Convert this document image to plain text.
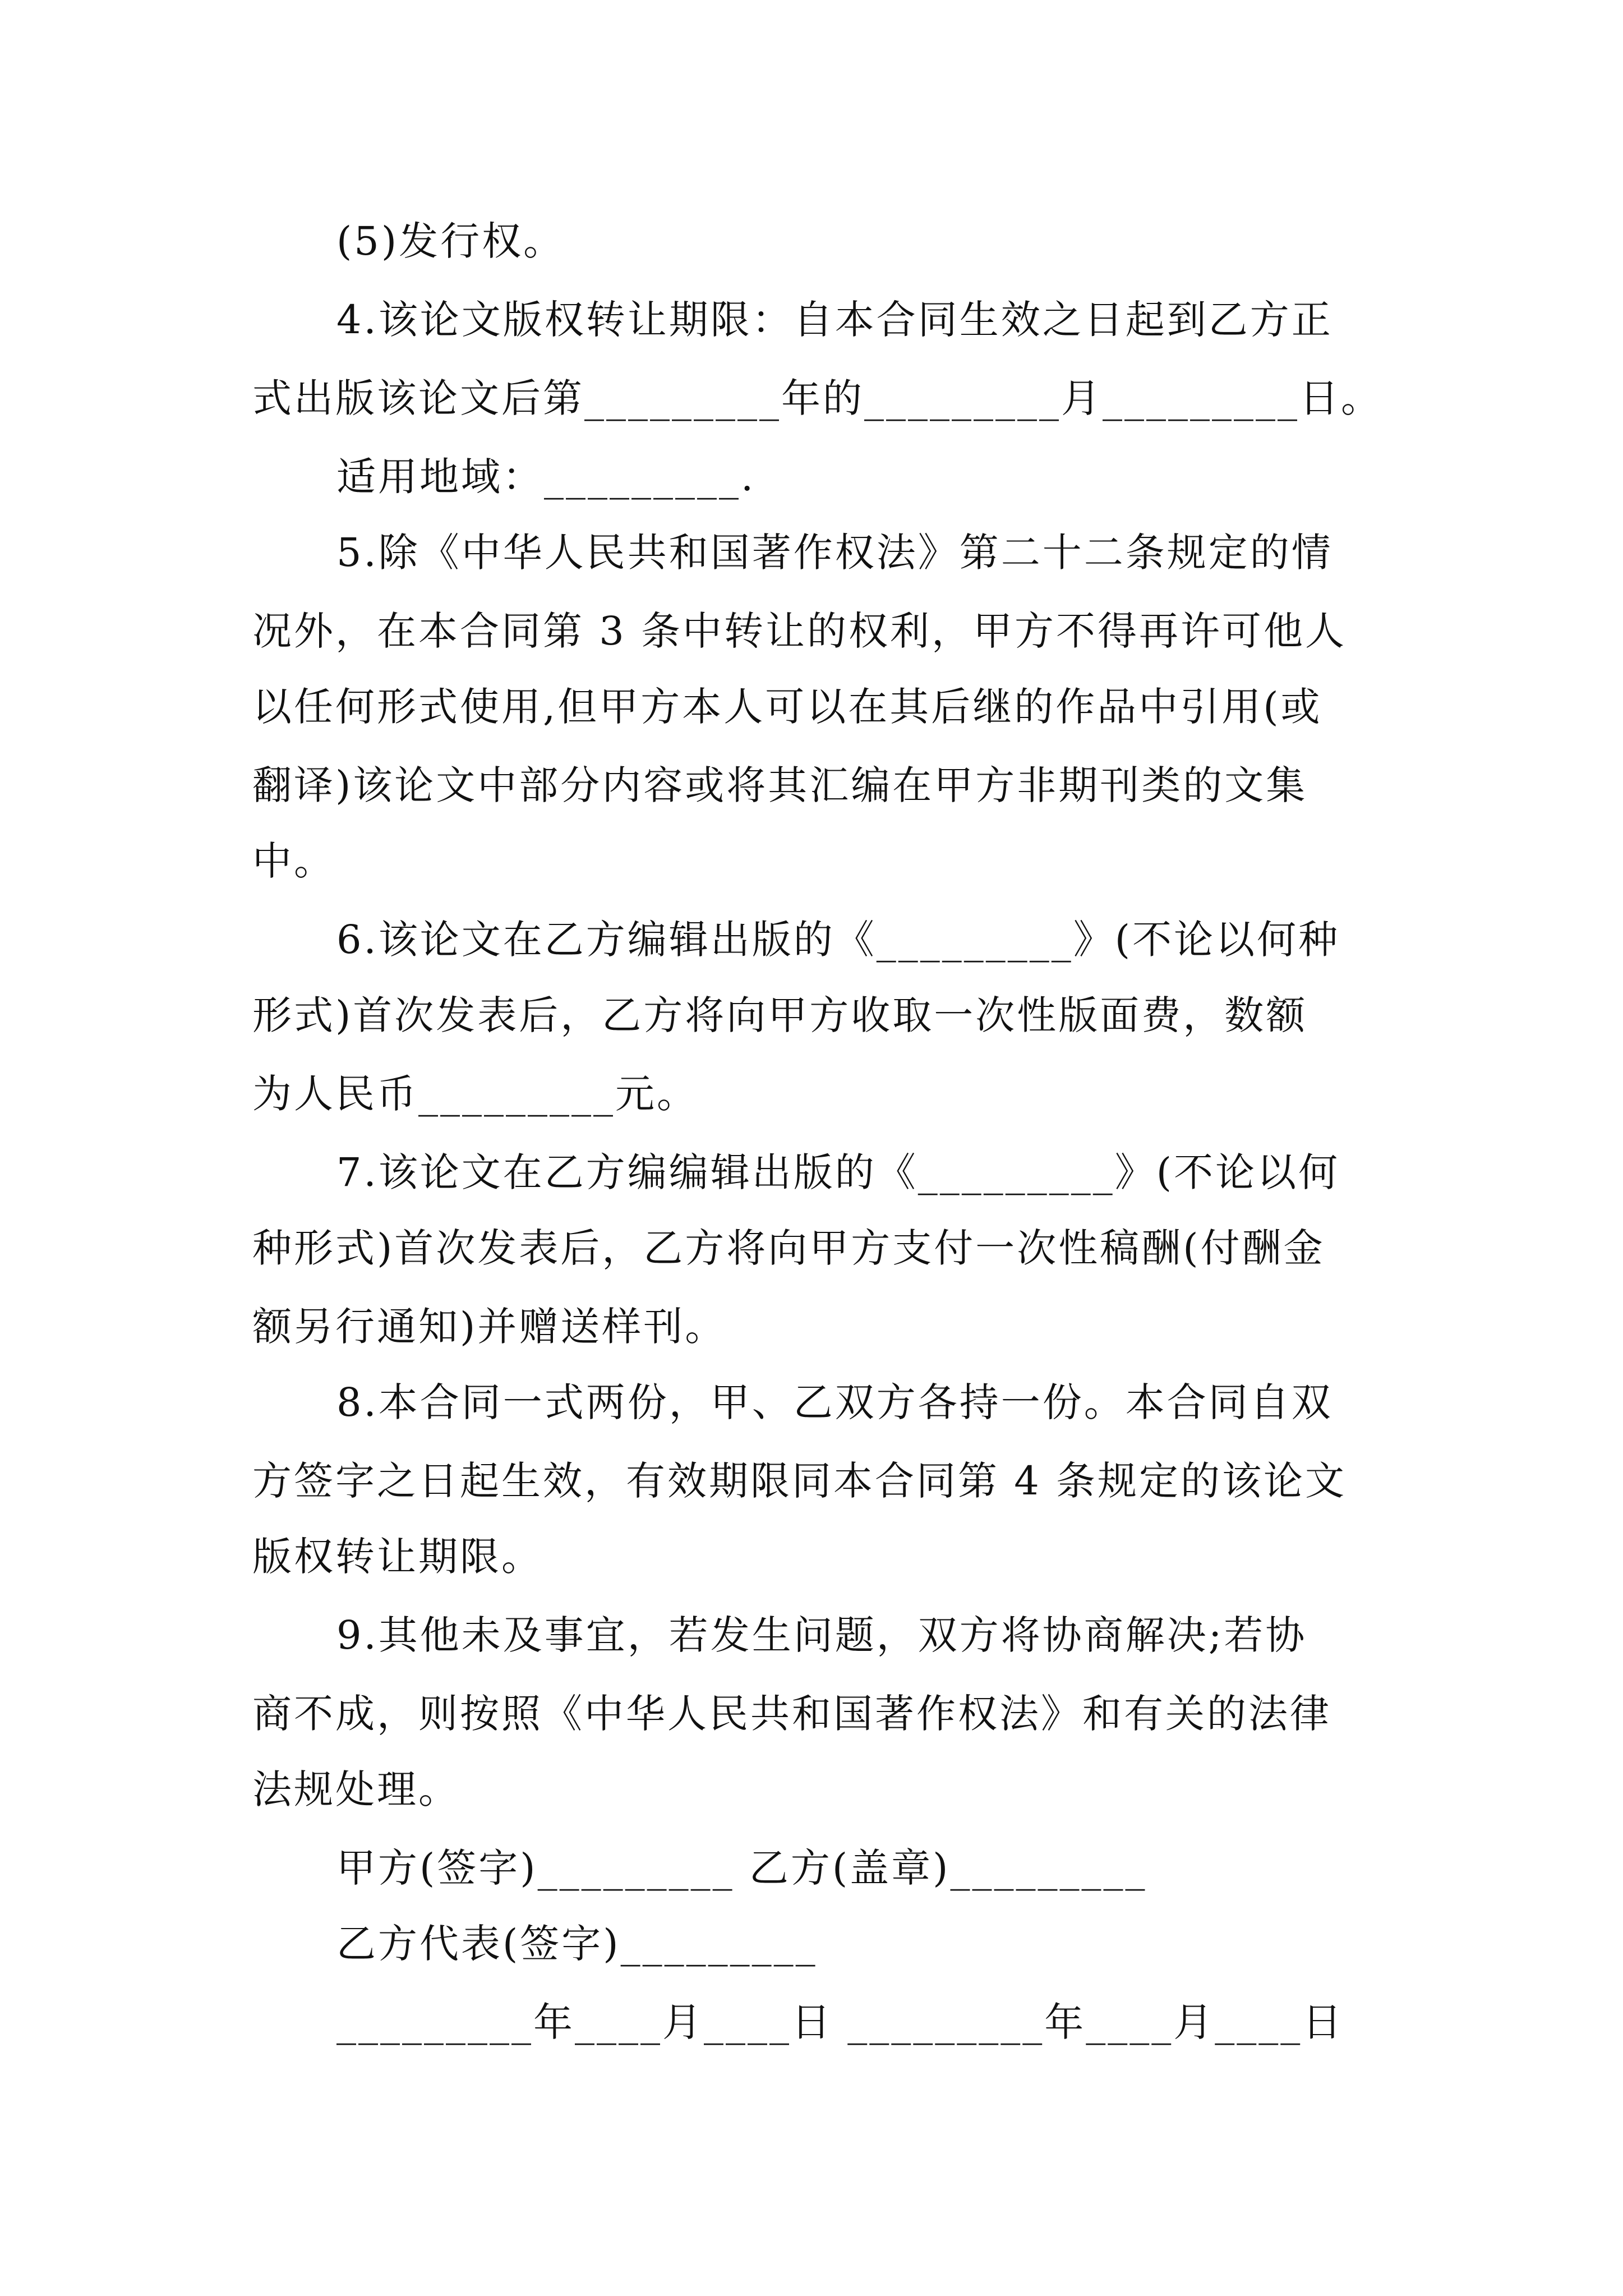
(5)发行权。
4.该论文版权转让期限：自本合同生效之日起到乙方正
式出版该论文后第_________年的_________月_________日。
适用地域：_________.
5.除《中华人民共和国著作权法》第二十二条规定的情
况外，在本合同第 3 条中转让的权利，甲方不得再许可他人
以任何形式使用,但甲方本人可以在其后继的作品中引用(或
翻译)该论文中部分内容或将其汇编在甲方非期刊类的文集
中。
6.该论文在乙方编辑出版的《_________》(不论以何种
形式)首次发表后，乙方将向甲方收取一次性版面费，数额
为人民币_________元。
7.该论文在乙方编编辑出版的《_________》(不论以何
种形式)首次发表后，乙方将向甲方支付一次性稿酬(付酬金
额另行通知)并赠送样刊。
8.本合同一式两份，甲、乙双方各持一份。本合同自双
方签字之日起生效，有效期限同本合同第 4 条规定的该论文
版权转让期限。
9.其他未及事宜，若发生问题，双方将协商解决;若协
商不成，则按照《中华人民共和国著作权法》和有关的法律
法规处理。
甲方(签字)_________ 乙方(盖章)_________
乙方代表(签字)_________
_________年____月____日 _________年____月____日
